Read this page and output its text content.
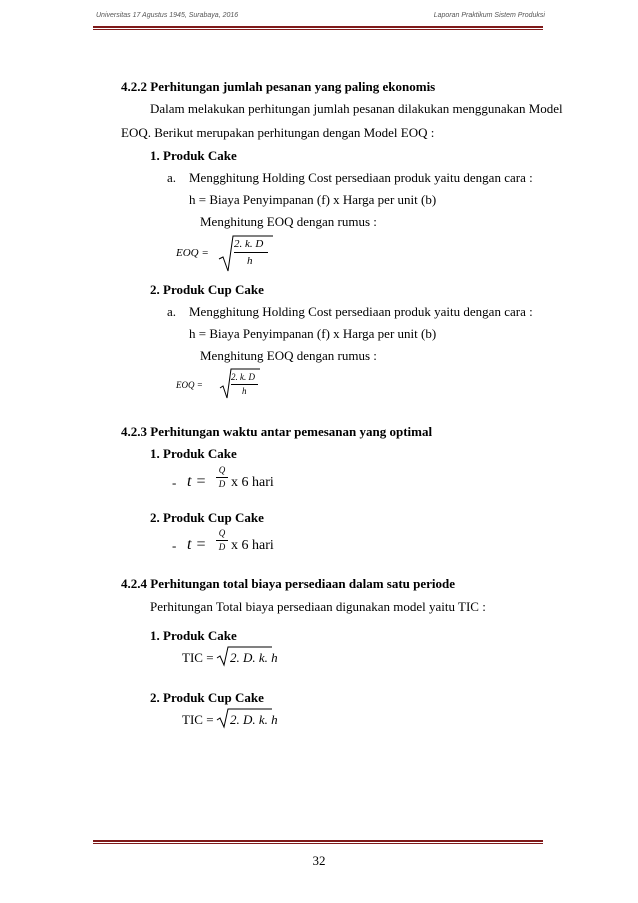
Universitas 17 Agustus 1945, Surabaya, 2016	Laporan Praktikum Sistem Produksi
4.2.2 Perhitungan jumlah pesanan yang paling ekonomis
Dalam melakukan perhitungan jumlah pesanan dilakukan menggunakan Model
EOQ. Berikut merupakan perhitungan dengan Model EOQ :
1. Produk Cake
a. Mengghitung Holding Cost persediaan produk yaitu dengan cara :
h = Biaya Penyimpanan (f) x Harga per unit (b)
Menghitung EOQ dengan rumus :
EOQ =
2. k. D
h
2. Produk Cup Cake
a. Mengghitung Holding Cost persediaan produk yaitu dengan cara :
h = Biaya Penyimpanan (f) x Harga per unit (b)
Menghitung EOQ dengan rumus :
EOQ =
2. k. D
h
4.2.3 Perhitungan waktu antar pemesanan yang optimal
1. Produk Cake
- t =
Q
D x 6 hari
2. Produk Cup Cake
- t =
Q
D x 6 hari
4.2.4 Perhitungan total biaya persediaan dalam satu periode
Perhitungan Total biaya persediaan digunakan model yaitu TIC :
1. Produk Cake
TIC = 2. D. k. h
2. Produk Cup Cake
TIC = 2. D. k. h
32
